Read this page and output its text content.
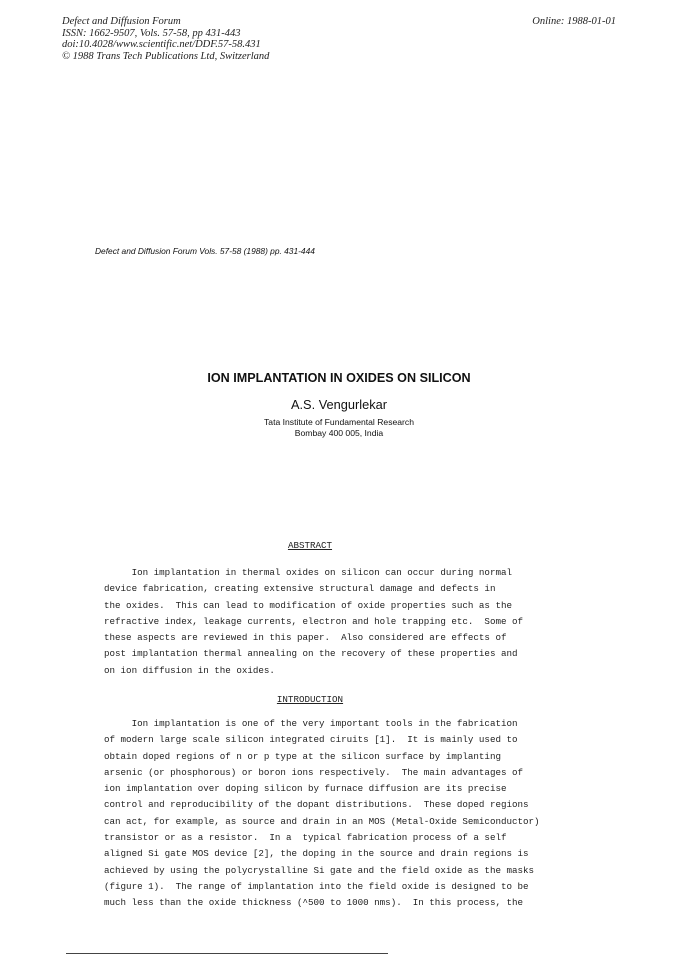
Defect and Diffusion Forum
ISSN: 1662-9507, Vols. 57-58, pp 431-443
doi:10.4028/www.scientific.net/DDF.57-58.431
© 1988 Trans Tech Publications Ltd, Switzerland
Online: 1988-01-01
Defect and Diffusion Forum Vols. 57-58 (1988) pp. 431-444
ION IMPLANTATION IN OXIDES ON SILICON
A.S. Vengurlekar
Tata Institute of Fundamental Research
Bombay 400 005, India
ABSTRACT
Ion implantation in thermal oxides on silicon can occur during normal
device fabrication, creating extensive structural damage and defects in
the oxides.  This can lead to modification of oxide properties such as the
refractive index, leakage currents, electron and hole trapping etc.  Some of
these aspects are reviewed in this paper.  Also considered are effects of
post implantation thermal annealing on the recovery of these properties and
on ion diffusion in the oxides.
INTRODUCTION
Ion implantation is one of the very important tools in the fabrication
of modern large scale silicon integrated ciruits [1].  It is mainly used to
obtain doped regions of n or p type at the silicon surface by implanting
arsenic (or phosphorous) or boron ions respectively.  The main advantages of
ion implantation over doping silicon by furnace diffusion are its precise
control and reproducibility of the dopant distributions.  These doped regions
can act, for example, as source and drain in an MOS (Metal-Oxide Semiconductor)
transistor or as a resistor.  In a  typical fabrication process of a self
aligned Si gate MOS device [2], the doping in the source and drain regions is
achieved by using the polycrystalline Si gate and the field oxide as the masks
(figure 1).  The range of implantation into the field oxide is designed to be
much less than the oxide thickness (^500 to 1000 nms).  In this process, the
